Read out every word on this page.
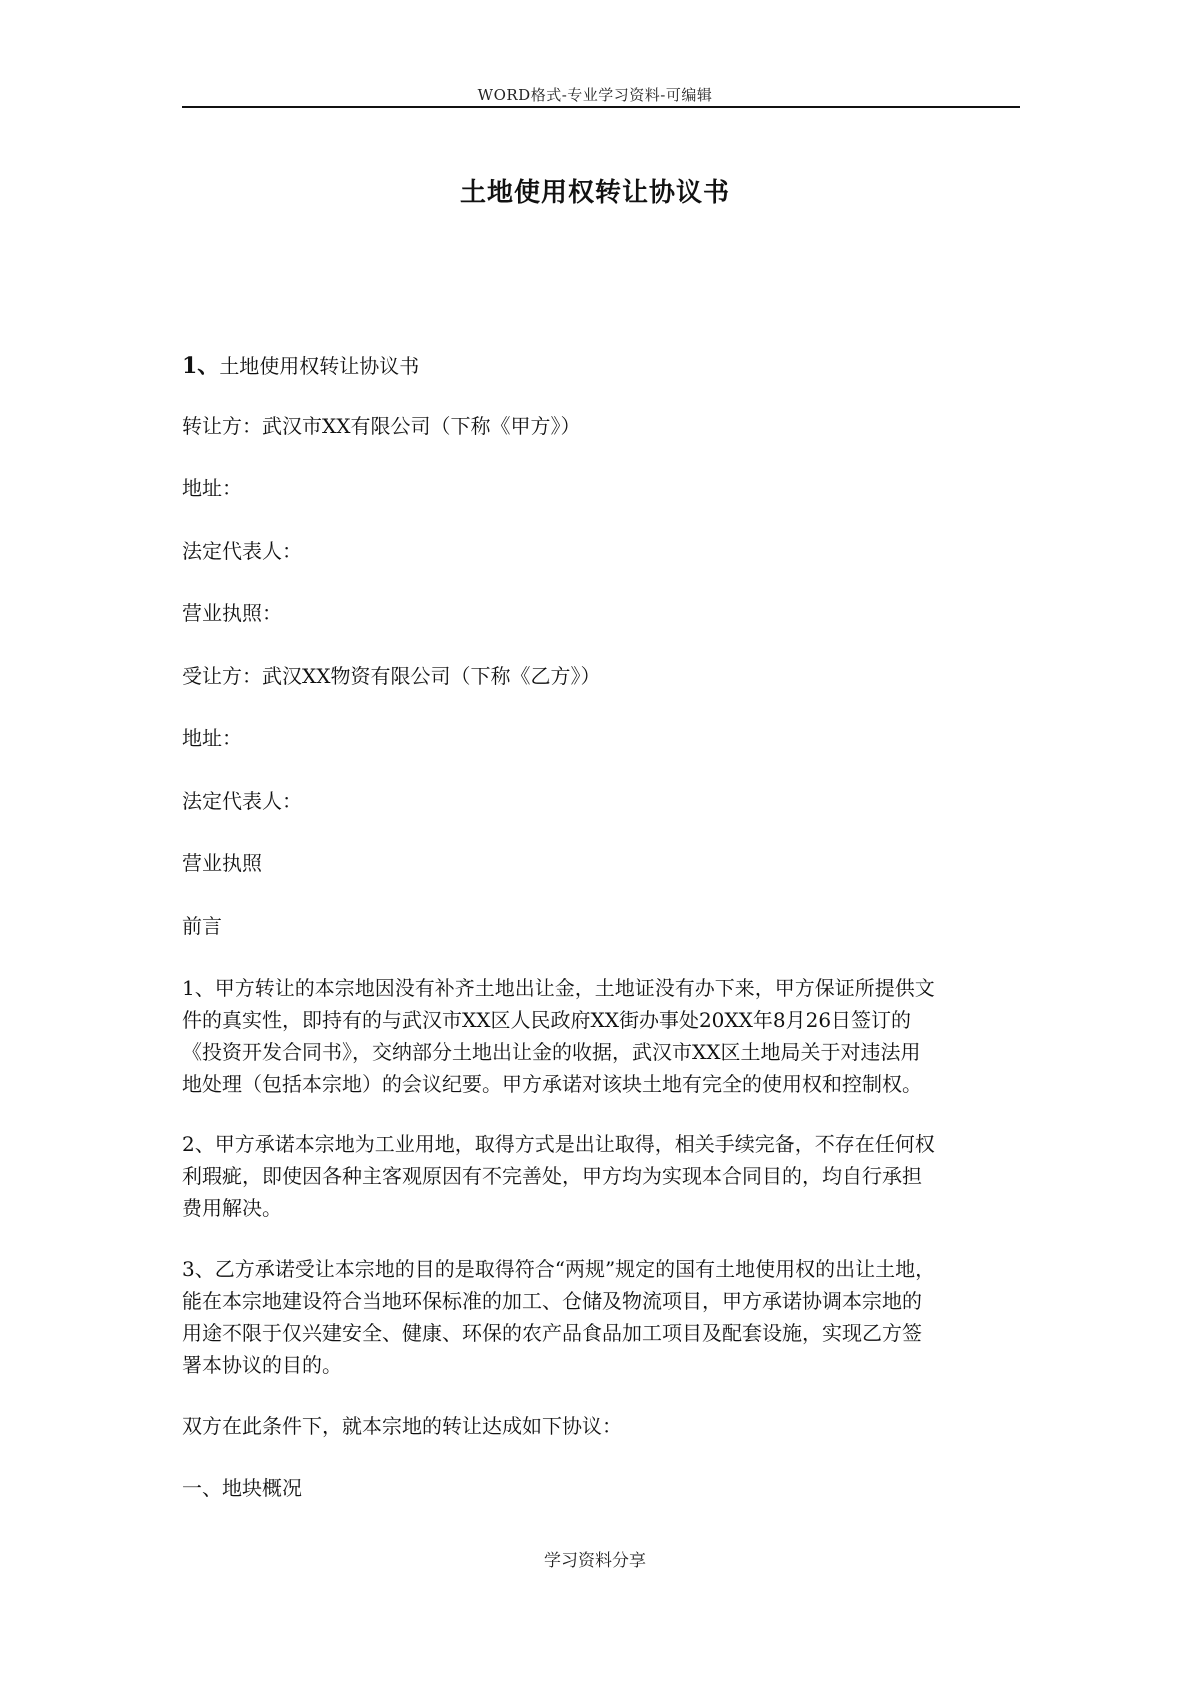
WORD格式-专业学习资料-可编辑
土地使用权转让协议书
1、土地使用权转让协议书
转让方：武汉市XX有限公司（下称《甲方》）
地址：
法定代表人：
营业执照：
受让方：武汉XX物资有限公司（下称《乙方》）
地址：
法定代表人：
营业执照
前言
1、甲方转让的本宗地因没有补齐土地出让金，土地证没有办下来，甲方保证所提供文
件的真实性，即持有的与武汉市XX区人民政府XX街办事处20XX年8月26日签订的
《投资开发合同书》，交纳部分土地出让金的收据，武汉市XX区土地局关于对违法用
地处理（包括本宗地）的会议纪要。甲方承诺对该块土地有完全的使用权和控制权。
2、甲方承诺本宗地为工业用地，取得方式是出让取得，相关手续完备，不存在任何权
利瑕疵，即使因各种主客观原因有不完善处，甲方均为实现本合同目的，均自行承担
费用解决。
3、乙方承诺受让本宗地的目的是取得符合“两规”规定的国有土地使用权的出让土地，
能在本宗地建设符合当地环保标准的加工、仓储及物流项目，甲方承诺协调本宗地的
用途不限于仅兴建安全、健康、环保的农产品食品加工项目及配套设施，实现乙方签
署本协议的目的。
双方在此条件下，就本宗地的转让达成如下协议：
一、地块概况
学习资料分享
